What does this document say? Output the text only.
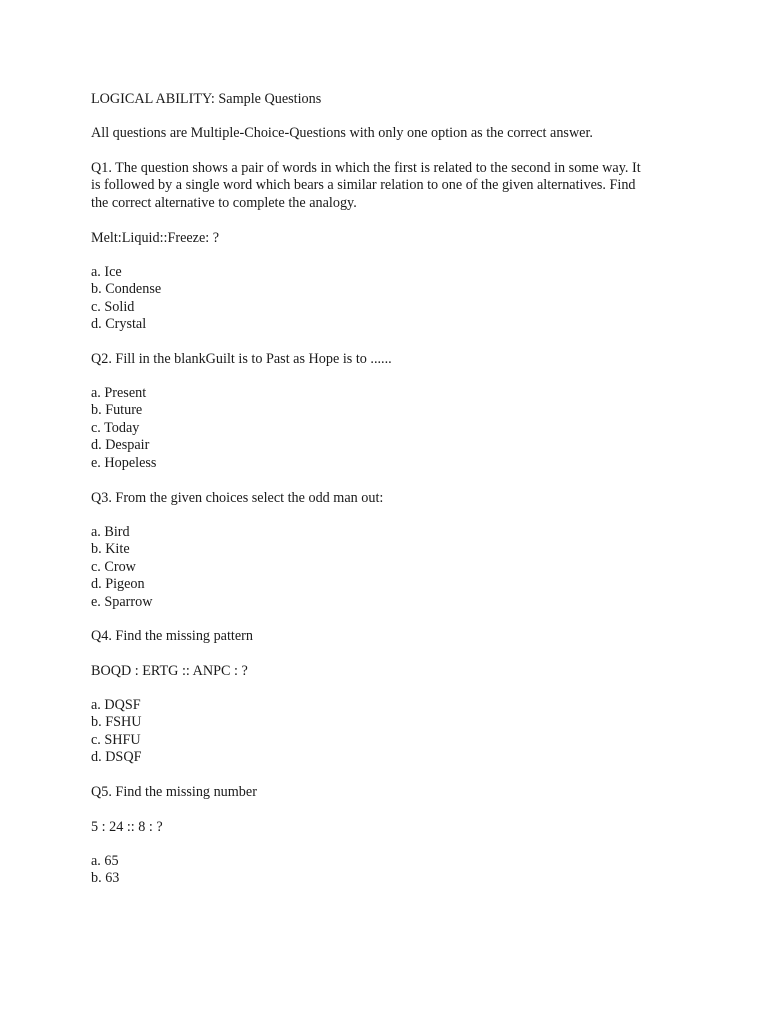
LOGICAL ABILITY: Sample Questions

All questions are Multiple-Choice-Questions with only one option as the correct answer.

Q1. The question shows a pair of words in which the first is related to the second in some way. It
is followed by a single word which bears a similar relation to one of the given alternatives. Find
the correct alternative to complete the analogy.

Melt:Liquid::Freeze: ?

a. Ice
b. Condense
c. Solid
d. Crystal

Q2. Fill in the blankGuilt is to Past as Hope is to ......

a. Present
b. Future
c. Today
d. Despair
e. Hopeless

Q3. From the given choices select the odd man out:

a. Bird
b. Kite
c. Crow
d. Pigeon
e. Sparrow

Q4. Find the missing pattern

BOQD : ERTG :: ANPC : ?

a. DQSF
b. FSHU
c. SHFU
d. DSQF

Q5. Find the missing number

5 : 24 :: 8 : ?

a. 65
b. 63
